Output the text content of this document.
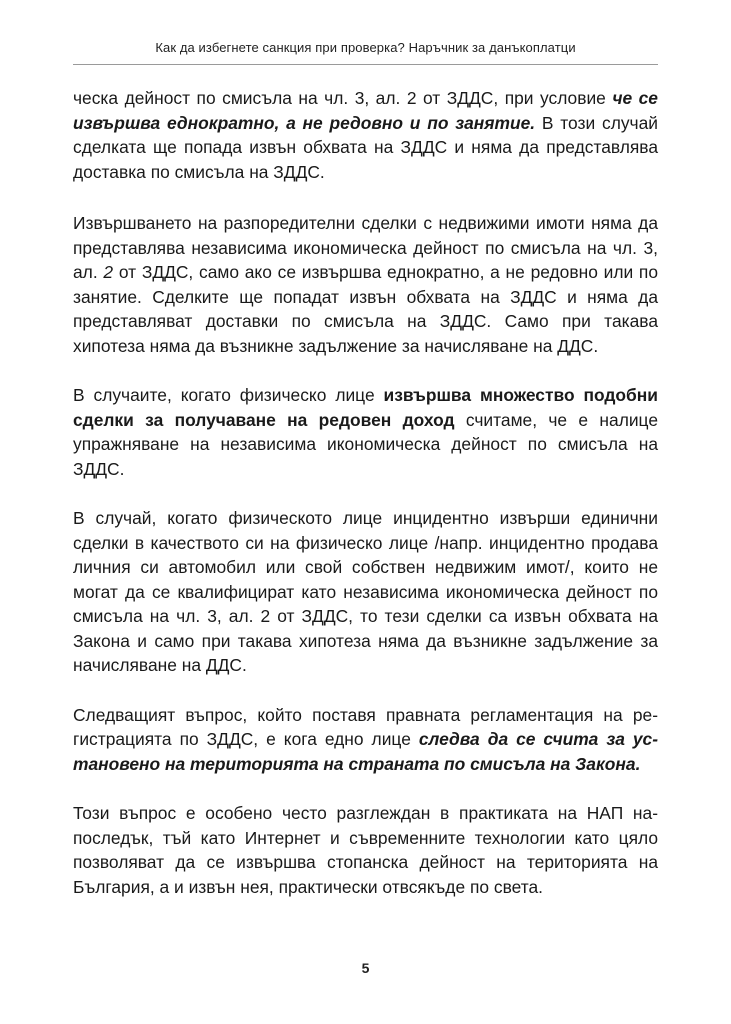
Как да избегнете санкция при проверка? Наръчник за данъкоплатци

ческа дейност по смисъла на чл. 3, ал. 2 от ЗДДС, при условие че се извършва еднократно, а не редовно и по занятие. В този случай сделката ще попада извън обхвата на ЗДДС и няма да представлява доставка по смисъла на ЗДДС.

Извършването на разпоредителни сделки с недвижими имоти няма да представлява независима икономическа дейност по смисъла на чл. 3, ал. 2 от ЗДДС, само ако се извършва еднократно, а не редовно или по занятие. Сделките ще попадат извън обхвата на ЗДДС и няма да представляват доставки по смисъла на ЗДДС. Само при такава хипотеза няма да възникне задължение за начисляване на ДДС.

В случаите, когато физическо лице извършва множество подобни сделки за получаване на редовен доход считаме, че е налице упражняване на независима икономическа дейност по смисъла на ЗДДС.

В случай, когато физическото лице инцидентно извърши единични сделки в качеството си на физическо лице /напр. инцидентно продава личния си автомобил или свой собствен недвижим имот/, които не могат да се квалифицират като независима икономическа дейност по смисъла на чл. 3, ал. 2 от ЗДДС, то тези сделки са извън обхвата на Закона и само при такава хипотеза няма да възникне задължение за начисляване на ДДС.

Следващият въпрос, който поставя правната регламентация на регистрацията по ЗДДС, е кога едно лице следва да се счита за установено на територията на страната по смисъла на Закона.

Този въпрос е особено често разглеждан в практиката на НАП напоследък, тъй като Интернет и съвременните технологии като цяло позволяват да се извършва стопанска дейност на територията на България, а и извън нея, практически отвсякъде по света.

5
